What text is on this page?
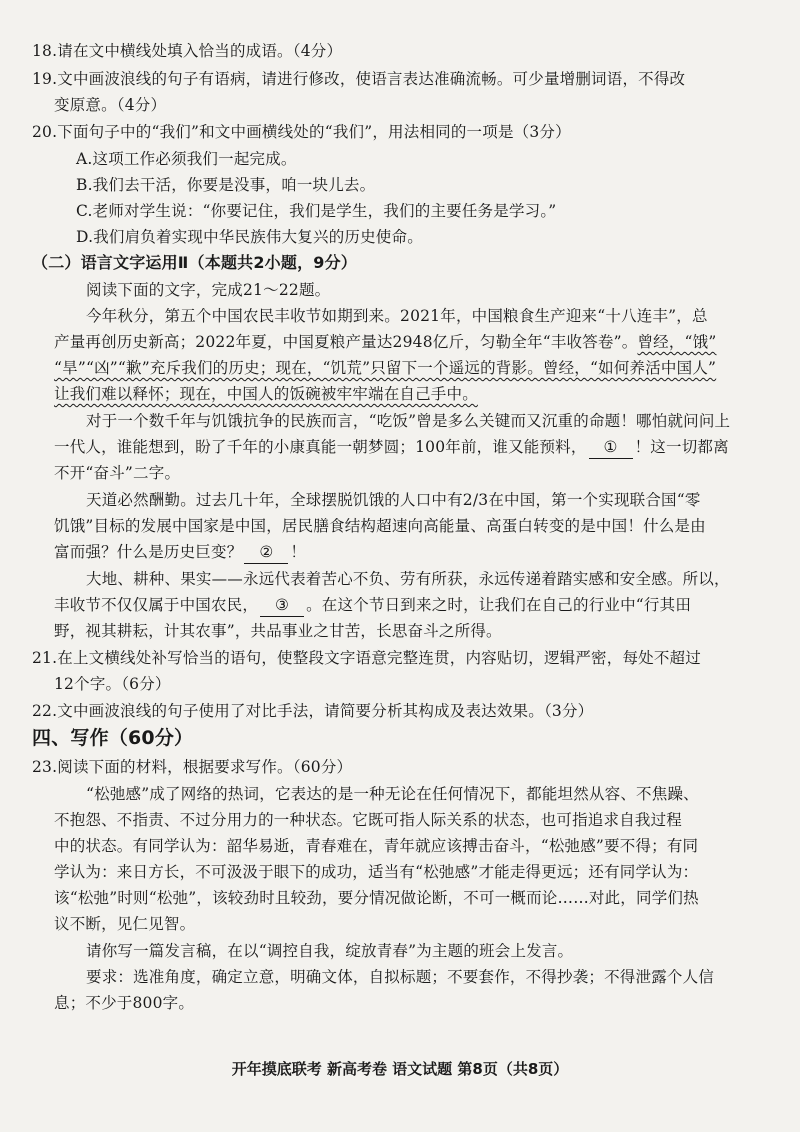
18.请在文中横线处填入恰当的成语。（4分）
19.文中画波浪线的句子有语病，请进行修改，使语言表达准确流畅。可少量增删词语，不得改
变原意。（4分）
20.下面句子中的“我们”和文中画横线处的“我们”，用法相同的一项是（3分）
A.这项工作必须我们一起完成。
B.我们去干活，你要是没事，咱一块儿去。
C.老师对学生说：“你要记住，我们是学生，我们的主要任务是学习。”
D.我们肩负着实现中华民族伟大复兴的历史使命。
（二）语言文字运用Ⅱ（本题共2小题，9分）
阅读下面的文字，完成21～22题。
今年秋分，第五个中国农民丰收节如期到来。2021年，中国粮食生产迎来“十八连丰”，总
产量再创历史新高；2022年夏，中国夏粮产量达2948亿斤，匀勒全年“丰收答卷”。曾经，“饿”
“旱”“凶”“歉”充斥我们的历史；现在，“饥荒”只留下一个遥远的背影。曾经，“如何养活中国人”
让我们难以释怀；现在，中国人的饭碗被牢牢端在自己手中。
对于一个数千年与饥饿抗争的民族而言，“吃饭”曾是多么关键而又沉重的命题！哪怕就问问上
一代人，谁能想到，盼了千年的小康真能一朝梦圆；100年前，谁又能预料， ① ！这一切都离
不开“奋斗”二字。
天道必然酬勤。过去几十年，全球摆脱饥饿的人口中有2/3在中国，第一个实现联合国“零
饥饿”目标的发展中国家是中国，居民膳食结构超速向高能量、高蛋白转变的是中国！什么是由
富而强？什么是历史巨变？ ② ！
大地、耕种、果实——永远代表着苦心不负、劳有所获，永远传递着踏实感和安全感。所以，
丰收节不仅仅属于中国农民， ③ 。在这个节日到来之时，让我们在自己的行业中“行其田
野，视其耕耘，计其农事”，共品事业之甘苦，长思奋斗之所得。
21.在上文横线处补写恰当的语句，使整段文字语意完整连贯，内容贴切，逻辑严密，每处不超过
12个字。（6分）
22.文中画波浪线的句子使用了对比手法，请简要分析其构成及表达效果。（3分）
四、写作（60分）
23.阅读下面的材料，根据要求写作。（60分）
“松弛感”成了网络的热词，它表达的是一种无论在任何情况下，都能坦然从容、不焦躁、
不抱怨、不指责、不过分用力的一种状态。它既可指人际关系的状态，也可指追求自我过程
中的状态。有同学认为：韶华易逝，青春难在，青年就应该搏击奋斗，“松弛感”要不得；有同
学认为：来日方长，不可汲汲于眼下的成功，适当有“松弛感”才能走得更远；还有同学认为：
该“松弛”时则“松弛”，该较劲时且较劲，要分情况做论断，不可一概而论……对此，同学们热
议不断，见仁见智。
请你写一篇发言稿，在以“调控自我，绽放青春”为主题的班会上发言。
要求：选准角度，确定立意，明确文体，自拟标题；不要套作，不得抄袭；不得泄露个人信
息；不少于800字。
开年摸底联考 新高考卷 语文试题 第8页（共8页）
